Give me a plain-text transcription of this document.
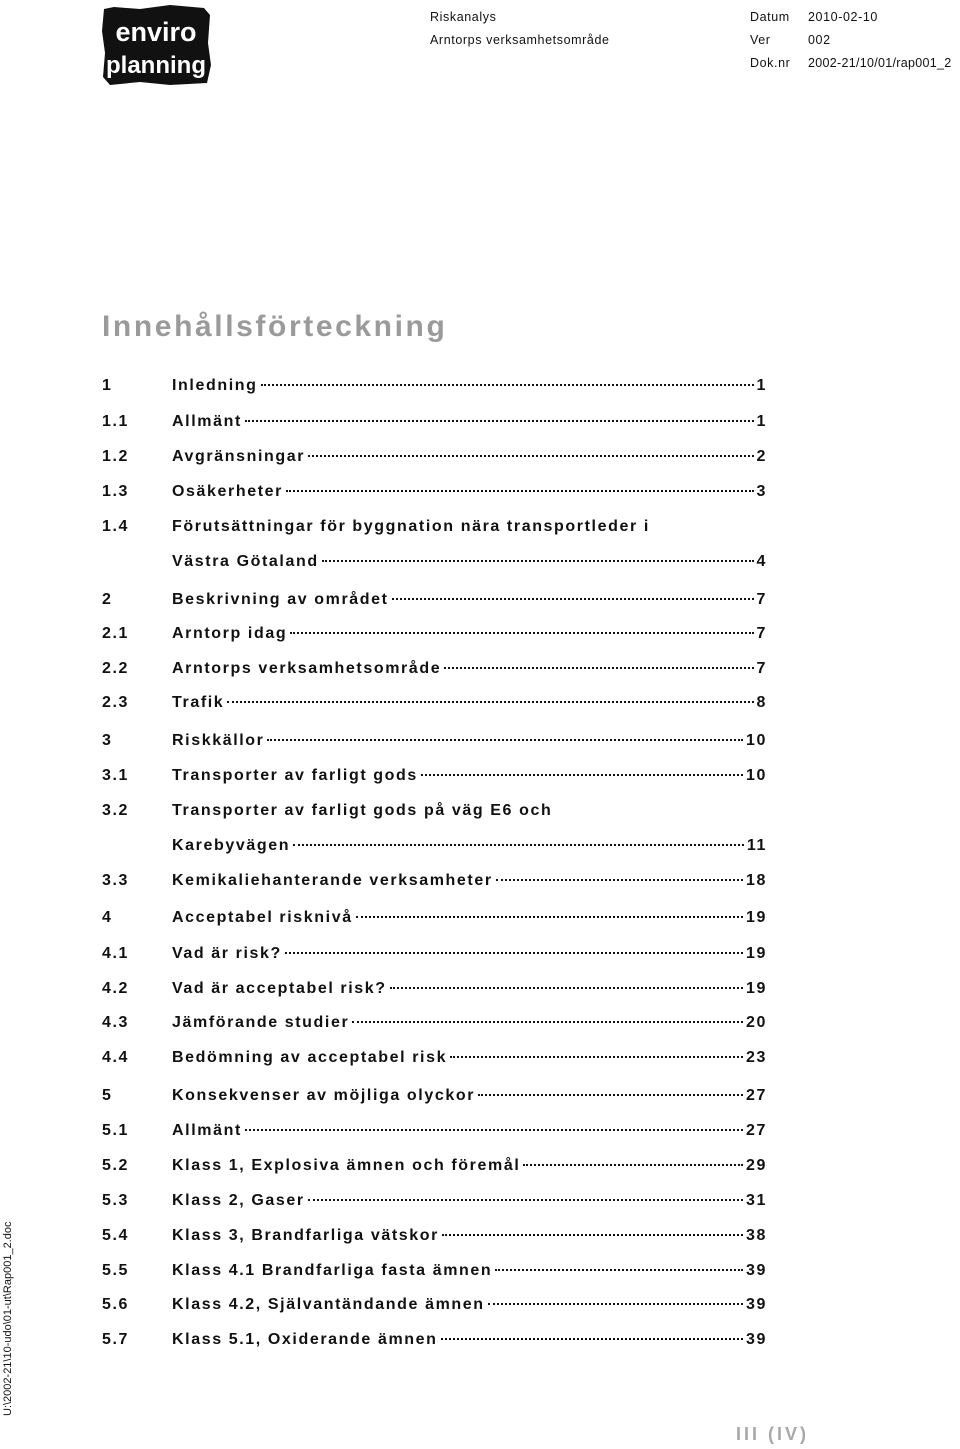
enviro
planning
Riskanalys
Arntorps verksamhetsområde
Datum 2010-02-10
Ver	002
Dok.nr 2002-21/10/01/rap001_2
Innehållsförteckning
1	Inledning	1
1.1	Allmänt	1
1.2	Avgränsningar	2
1.3	Osäkerheter	3
1.4	Förutsättningar för byggnation nära transportleder i
Västra Götaland	4
2	Beskrivning av området	7
2.1	Arntorp idag	7
2.2	Arntorps verksamhetsområde	7
2.3	Trafik	8
3	Riskkällor	10
3.1	Transporter av farligt gods	10
3.2	Transporter av farligt gods på väg E6 och
Karebyvägen	11
3.3	Kemikaliehanterande verksamheter	18
4	Acceptabel risknivå	19
4.1	Vad är risk?	19
4.2	Vad är acceptabel risk?	19
4.3	Jämförande studier	20
4.4	Bedömning av acceptabel risk	23
5	Konsekvenser av möjliga olyckor	27
5.1	Allmänt	27
5.2	Klass 1, Explosiva ämnen och föremål	29
5.3	Klass 2, Gaser	31
5.4	Klass 3, Brandfarliga vätskor	38
5.5	Klass 4.1 Brandfarliga fasta ämnen	39
5.6	Klass 4.2, Självantändande ämnen	39
5.7	Klass 5.1, Oxiderande ämnen	39
U:\2002-21\10-udo\01-ut\Rap001_2.doc
III (IV)
